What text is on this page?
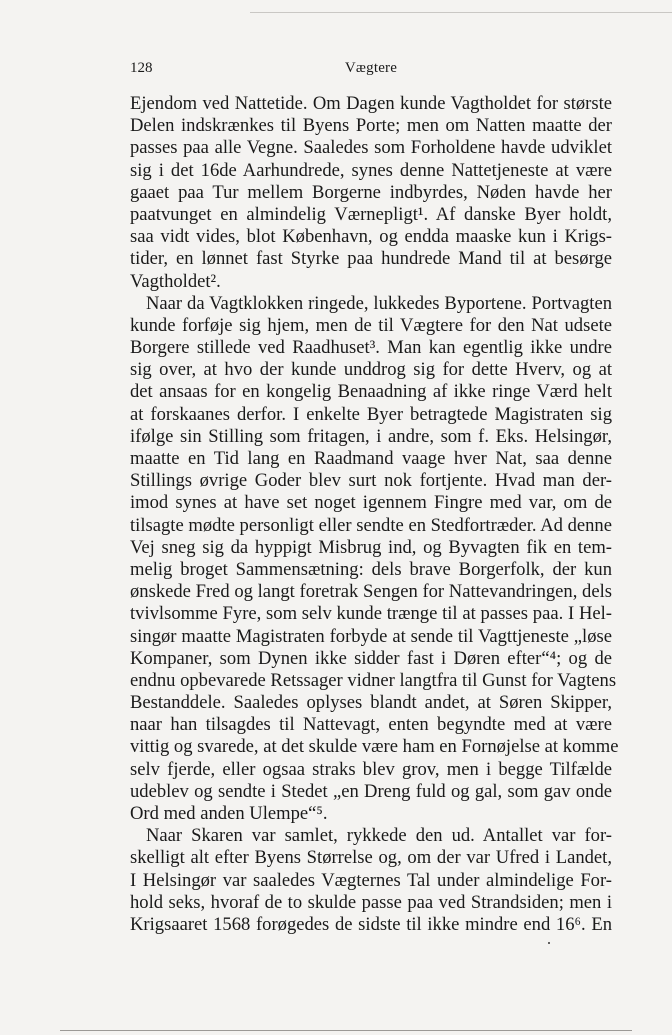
128	Vægtere
Ejendom ved Nattetide. Om Dagen kunde Vagtholdet for største
Delen indskrænkes til Byens Porte; men om Natten maatte der
passes paa alle Vegne. Saaledes som Forholdene havde udviklet
sig i det 16de Aarhundrede, synes denne Nattetjeneste at være
gaaet paa Tur mellem Borgerne indbyrdes, Nøden havde her
paatvunget en almindelig Værnepligt¹. Af danske Byer holdt,
saa vidt vides, blot København, og endda maaske kun i Krigs-
tider, en lønnet fast Styrke paa hundrede Mand til at besørge
Vagtholdet².
Naar da Vagtklokken ringede, lukkedes Byportene. Portvagten
kunde forføje sig hjem, men de til Vægtere for den Nat udsete
Borgere stillede ved Raadhuset³. Man kan egentlig ikke undre
sig over, at hvo der kunde unddrog sig for dette Hverv, og at
det ansaas for en kongelig Benaadning af ikke ringe Værd helt
at forskaanes derfor. I enkelte Byer betragtede Magistraten sig
ifølge sin Stilling som fritagen, i andre, som f. Eks. Helsingør,
maatte en Tid lang en Raadmand vaage hver Nat, saa denne
Stillings øvrige Goder blev surt nok fortjente. Hvad man der-
imod synes at have set noget igennem Fingre med var, om de
tilsagte mødte personligt eller sendte en Stedfortræder. Ad denne
Vej sneg sig da hyppigt Misbrug ind, og Byvagten fik en tem-
melig broget Sammensætning: dels brave Borgerfolk, der kun
ønskede Fred og langt foretrak Sengen for Nattevandringen, dels
tvivlsomme Fyre, som selv kunde trænge til at passes paa. I Hel-
singør maatte Magistraten forbyde at sende til Vagttjeneste „løse
Kompaner, som Dynen ikke sidder fast i Døren efter“⁴; og de
endnu opbevarede Retssager vidner langtfra til Gunst for Vagtens
Bestanddele. Saaledes oplyses blandt andet, at Søren Skipper,
naar han tilsagdes til Nattevagt, enten begyndte med at være
vittig og svarede, at det skulde være ham en Fornøjelse at komme
selv fjerde, eller ogsaa straks blev grov, men i begge Tilfælde
udeblev og sendte i Stedet „en Dreng fuld og gal, som gav onde
Ord med anden Ulempe“⁵.
Naar Skaren var samlet, rykkede den ud. Antallet var for-
skelligt alt efter Byens Størrelse og, om der var Ufred i Landet,
I Helsingør var saaledes Vægternes Tal under almindelige For-
hold seks, hvoraf de to skulde passe paa ved Strandsiden; men i
Krigsaaret 1568 forøgedes de sidste til ikke mindre end 16⁶. En
